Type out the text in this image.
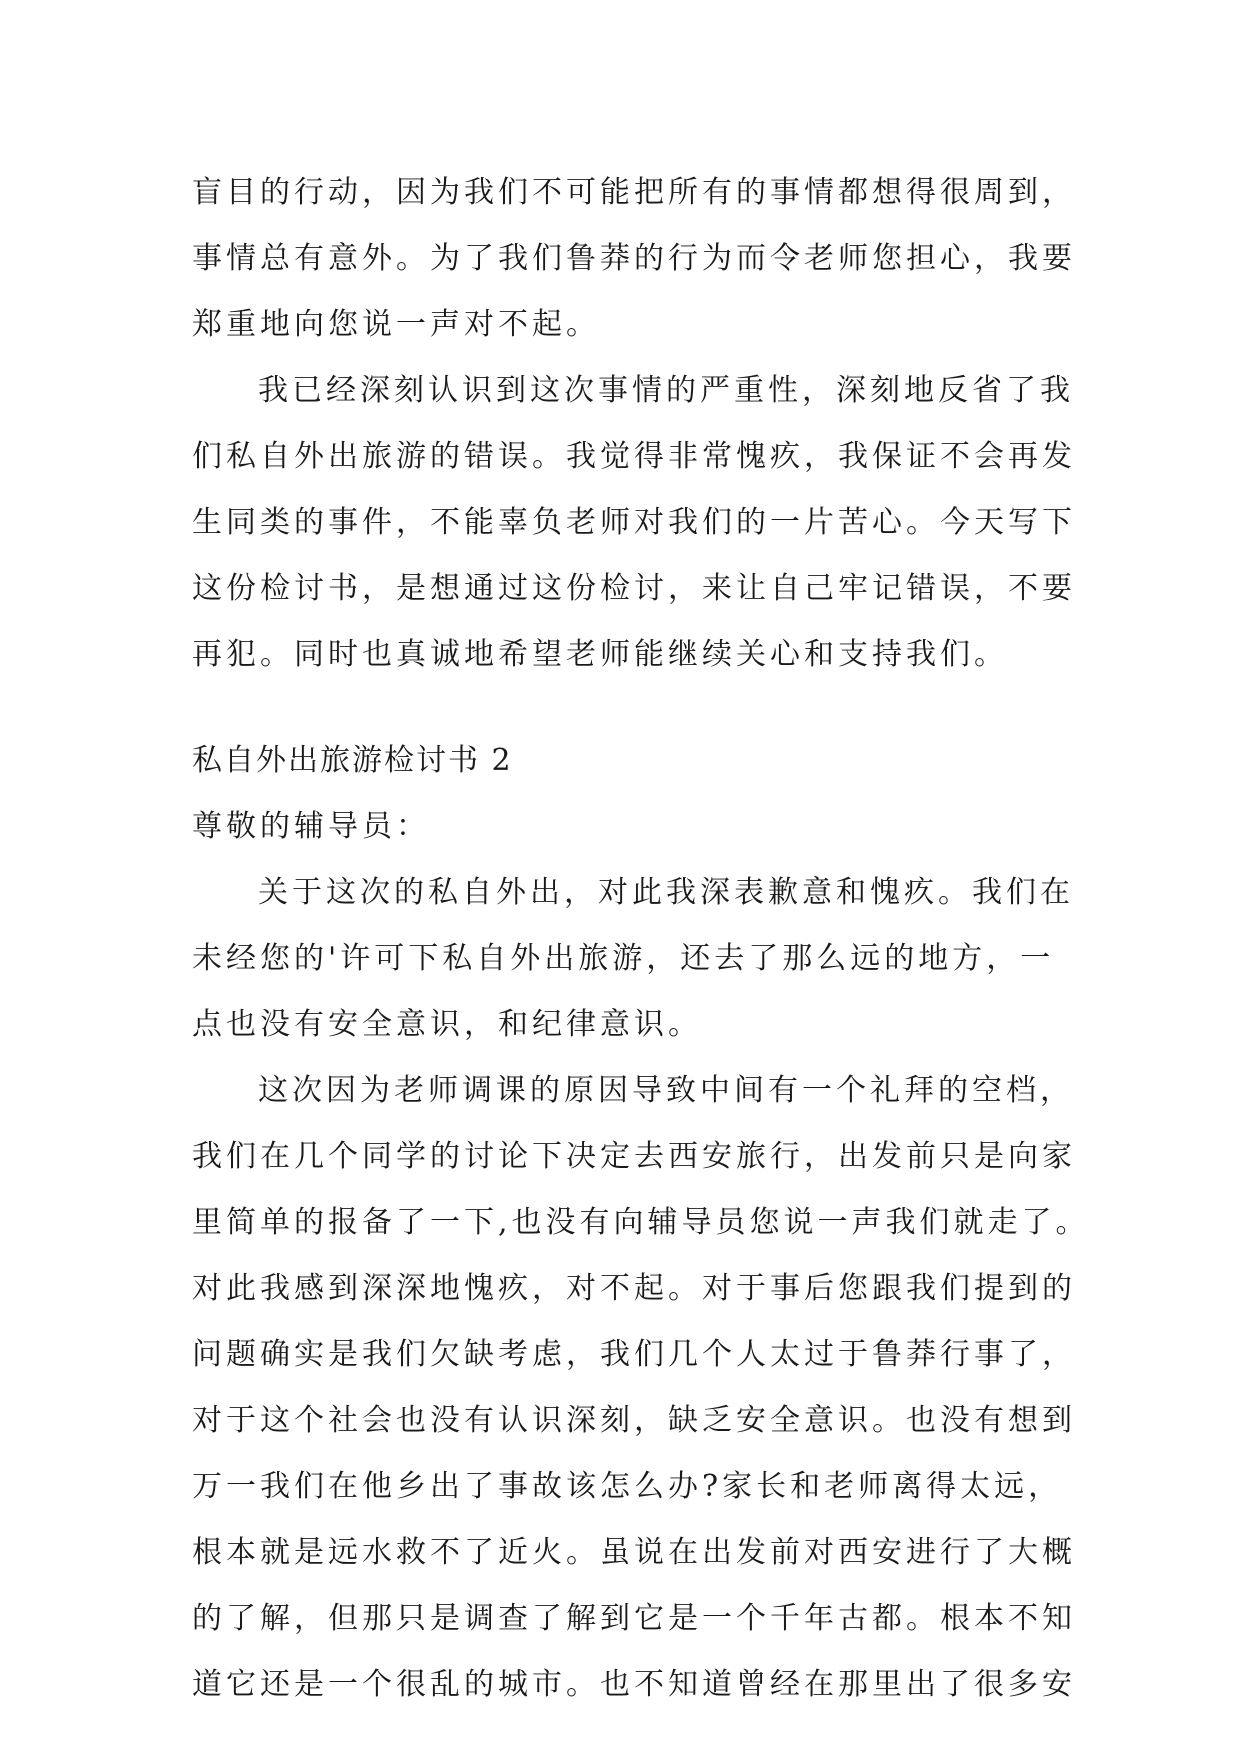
盲目的行动，因为我们不可能把所有的事情都想得很周到，
事情总有意外。为了我们鲁莽的行为而令老师您担心，我要
郑重地向您说一声对不起。
我已经深刻认识到这次事情的严重性，深刻地反省了我
们私自外出旅游的错误。我觉得非常愧疚，我保证不会再发
生同类的事件，不能辜负老师对我们的一片苦心。今天写下
这份检讨书，是想通过这份检讨，来让自己牢记错误，不要
再犯。同时也真诚地希望老师能继续关心和支持我们。
私自外出旅游检讨书 2
尊敬的辅导员：
关于这次的私自外出，对此我深表歉意和愧疚。我们在
未经您的'许可下私自外出旅游，还去了那么远的地方，一
点也没有安全意识，和纪律意识。
这次因为老师调课的原因导致中间有一个礼拜的空档，
我们在几个同学的讨论下决定去西安旅行，出发前只是向家
里简单的报备了一下,也没有向辅导员您说一声我们就走了。
对此我感到深深地愧疚，对不起。对于事后您跟我们提到的
问题确实是我们欠缺考虑，我们几个人太过于鲁莽行事了，
对于这个社会也没有认识深刻，缺乏安全意识。也没有想到
万一我们在他乡出了事故该怎么办?家长和老师离得太远，
根本就是远水救不了近火。虽说在出发前对西安进行了大概
的了解，但那只是调查了解到它是一个千年古都。根本不知
道它还是一个很乱的城市。也不知道曾经在那里出了很多安
